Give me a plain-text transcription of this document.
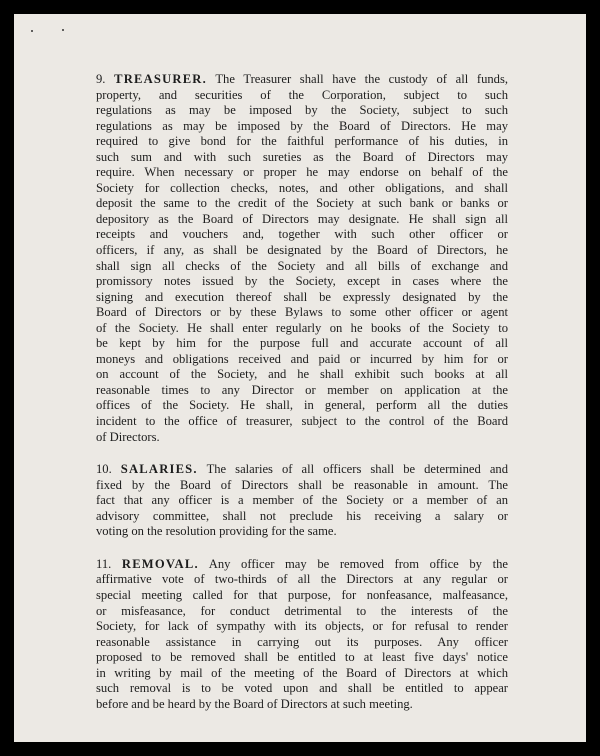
9. TREASURER. The Treasurer shall have the custody of all funds,
property, and securities of the Corporation, subject to such
regulations as may be imposed by the Society, subject to such
regulations as may be imposed by the Board of Directors. He may
required to give bond for the faithful performance of his duties, in
such sum and with such sureties as the Board of Directors may
require. When necessary or proper he may endorse on behalf of the
Society for collection checks, notes, and other obligations, and shall
deposit the same to the credit of the Society at such bank or banks or
depository as the Board of Directors may designate. He shall sign all
receipts and vouchers and, together with such other officer or
officers, if any, as shall be designated by the Board of Directors, he
shall sign all checks of the Society and all bills of exchange and
promissory notes issued by the Society, except in cases where the
signing and execution thereof shall be expressly designated by the
Board of Directors or by these Bylaws to some other officer or agent
of the Society. He shall enter regularly on he books of the Society to
be kept by him for the purpose full and accurate account of all
moneys and obligations received and paid or incurred by him for or
on account of the Society, and he shall exhibit such books at all
reasonable times to any Director or member on application at the
offices of the Society. He shall, in general, perform all the duties
incident to the office of treasurer, subject to the control of the Board
of Directors.
10. SALARIES. The salaries of all officers shall be determined and
fixed by the Board of Directors shall be reasonable in amount. The
fact that any officer is a member of the Society or a member of an
advisory committee, shall not preclude his receiving a salary or
voting on the resolution providing for the same.
11. REMOVAL. Any officer may be removed from office by the
affirmative vote of two-thirds of all the Directors at any regular or
special meeting called for that purpose, for nonfeasance, malfeasance,
or misfeasance, for conduct detrimental to the interests of the
Society, for lack of sympathy with its objects, or for refusal to render
reasonable assistance in carrying out its purposes. Any officer
proposed to be removed shall be entitled to at least five days' notice
in writing by mail of the meeting of the Board of Directors at which
such removal is to be voted upon and shall be entitled to appear
before and be heard by the Board of Directors at such meeting.
